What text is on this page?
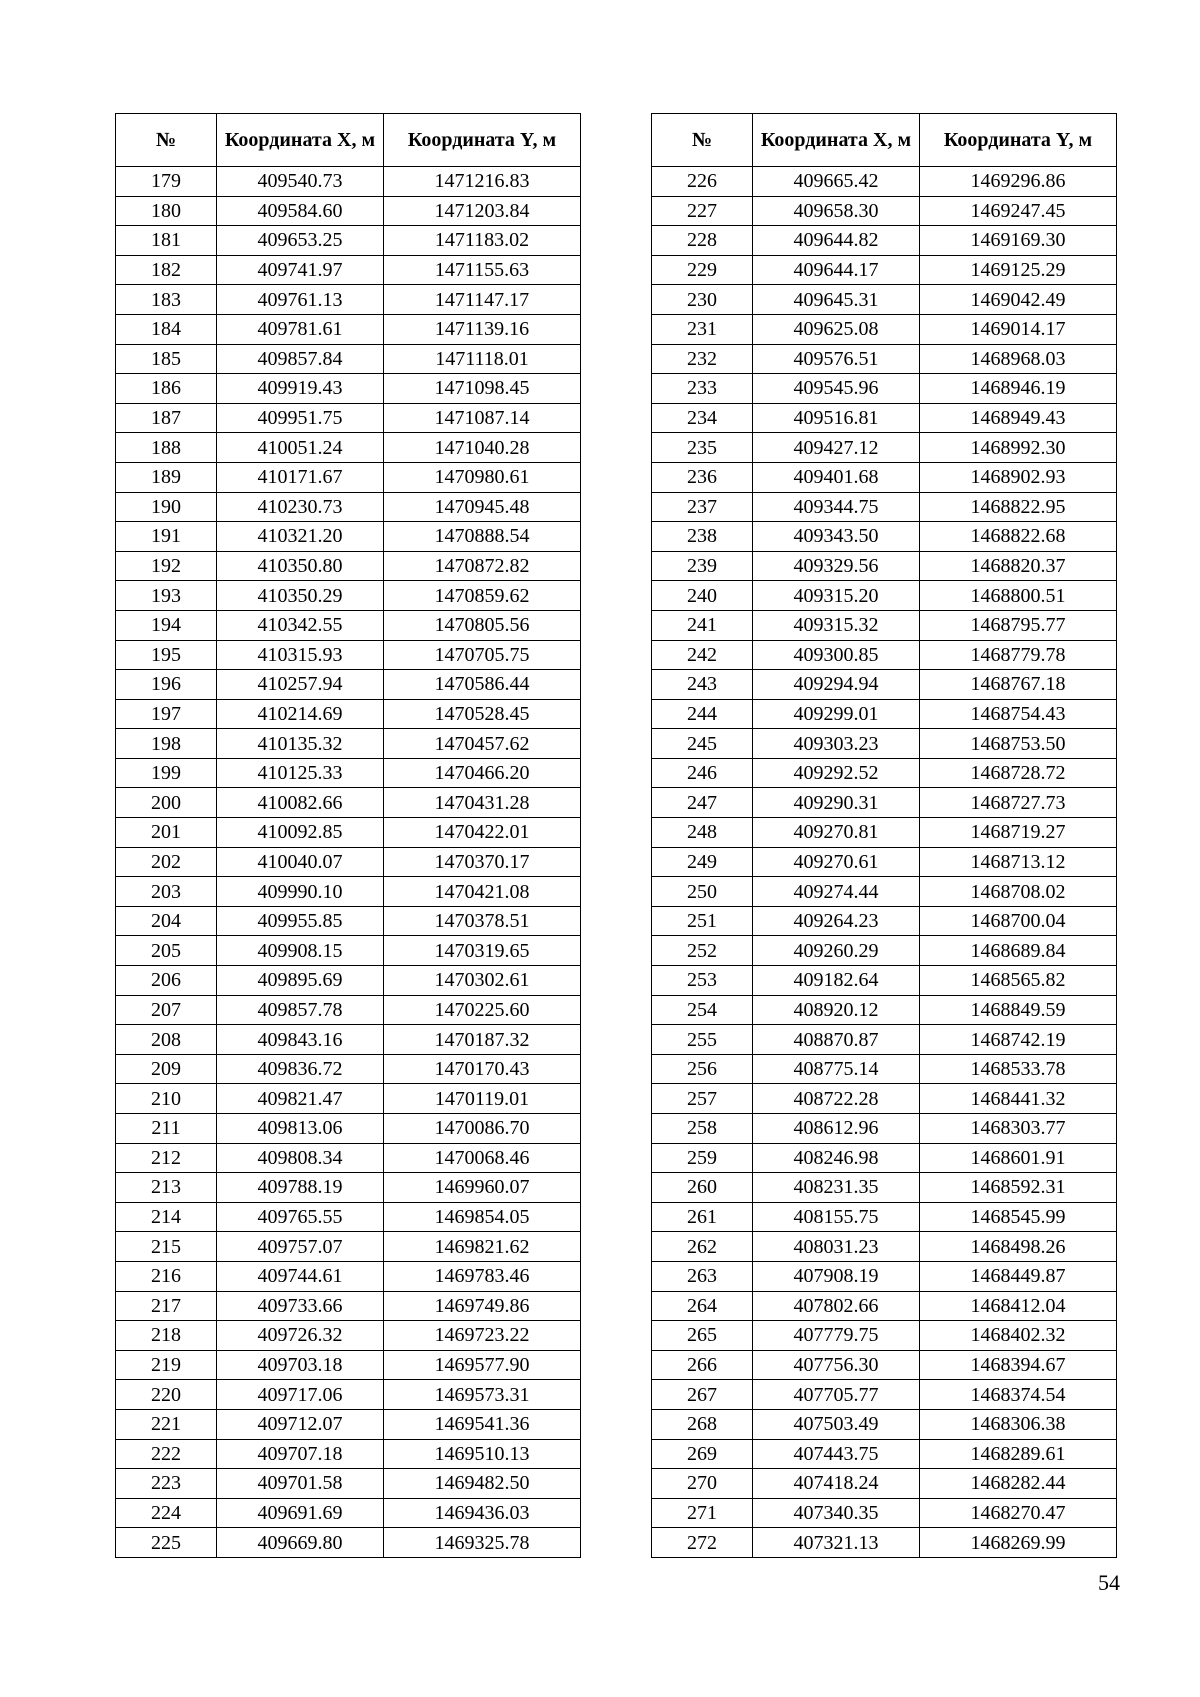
№	Координата Х, м	Координата Y, м
179	409540.73	1471216.83
180	409584.60	1471203.84
181	409653.25	1471183.02
182	409741.97	1471155.63
183	409761.13	1471147.17
184	409781.61	1471139.16
185	409857.84	1471118.01
186	409919.43	1471098.45
187	409951.75	1471087.14
188	410051.24	1471040.28
189	410171.67	1470980.61
190	410230.73	1470945.48
191	410321.20	1470888.54
192	410350.80	1470872.82
193	410350.29	1470859.62
194	410342.55	1470805.56
195	410315.93	1470705.75
196	410257.94	1470586.44
197	410214.69	1470528.45
198	410135.32	1470457.62
199	410125.33	1470466.20
200	410082.66	1470431.28
201	410092.85	1470422.01
202	410040.07	1470370.17
203	409990.10	1470421.08
204	409955.85	1470378.51
205	409908.15	1470319.65
206	409895.69	1470302.61
207	409857.78	1470225.60
208	409843.16	1470187.32
209	409836.72	1470170.43
210	409821.47	1470119.01
211	409813.06	1470086.70
212	409808.34	1470068.46
213	409788.19	1469960.07
214	409765.55	1469854.05
215	409757.07	1469821.62
216	409744.61	1469783.46
217	409733.66	1469749.86
218	409726.32	1469723.22
219	409703.18	1469577.90
220	409717.06	1469573.31
221	409712.07	1469541.36
222	409707.18	1469510.13
223	409701.58	1469482.50
224	409691.69	1469436.03
225	409669.80	1469325.78
№	Координата Х, м	Координата Y, м
226	409665.42	1469296.86
227	409658.30	1469247.45
228	409644.82	1469169.30
229	409644.17	1469125.29
230	409645.31	1469042.49
231	409625.08	1469014.17
232	409576.51	1468968.03
233	409545.96	1468946.19
234	409516.81	1468949.43
235	409427.12	1468992.30
236	409401.68	1468902.93
237	409344.75	1468822.95
238	409343.50	1468822.68
239	409329.56	1468820.37
240	409315.20	1468800.51
241	409315.32	1468795.77
242	409300.85	1468779.78
243	409294.94	1468767.18
244	409299.01	1468754.43
245	409303.23	1468753.50
246	409292.52	1468728.72
247	409290.31	1468727.73
248	409270.81	1468719.27
249	409270.61	1468713.12
250	409274.44	1468708.02
251	409264.23	1468700.04
252	409260.29	1468689.84
253	409182.64	1468565.82
254	408920.12	1468849.59
255	408870.87	1468742.19
256	408775.14	1468533.78
257	408722.28	1468441.32
258	408612.96	1468303.77
259	408246.98	1468601.91
260	408231.35	1468592.31
261	408155.75	1468545.99
262	408031.23	1468498.26
263	407908.19	1468449.87
264	407802.66	1468412.04
265	407779.75	1468402.32
266	407756.30	1468394.67
267	407705.77	1468374.54
268	407503.49	1468306.38
269	407443.75	1468289.61
270	407418.24	1468282.44
271	407340.35	1468270.47
272	407321.13	1468269.99
54
